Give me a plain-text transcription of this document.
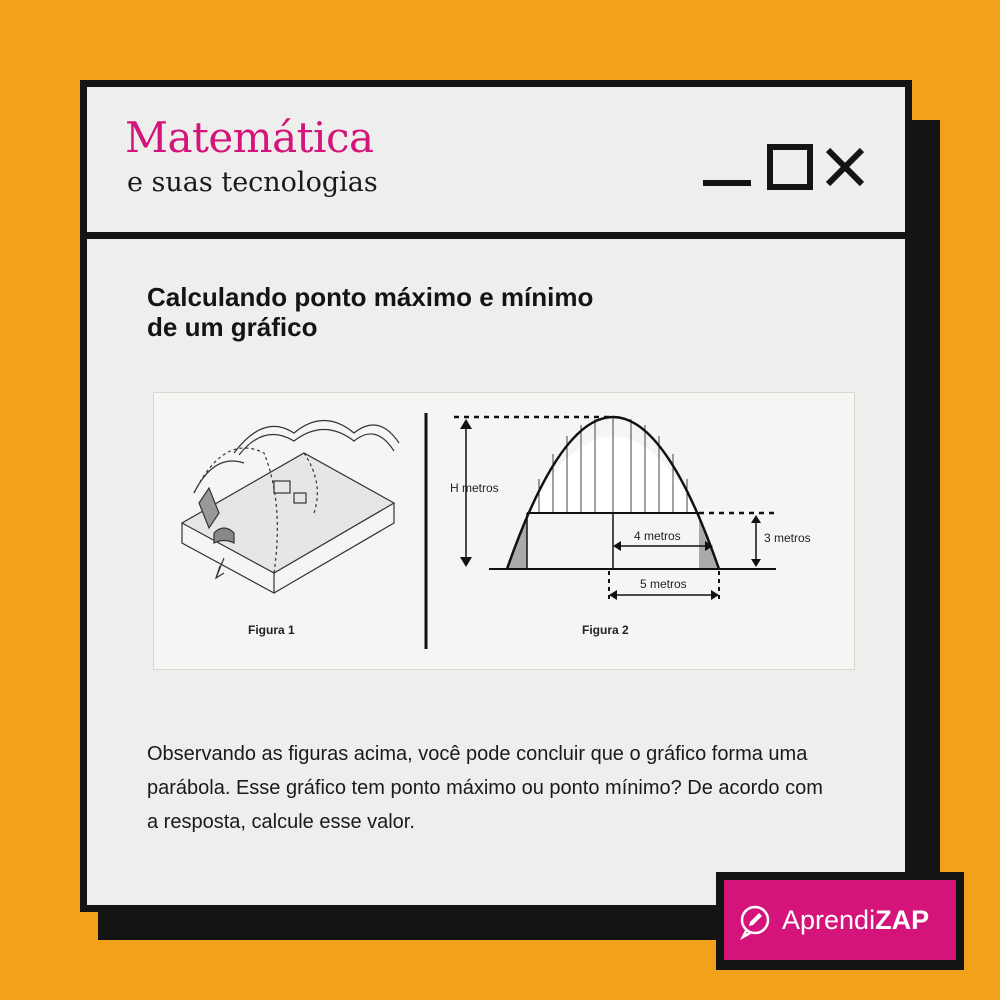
Matemática
e suas tecnologias
Calculando ponto máximo e mínimo
de um gráfico
Figura 1	Figura 2
H metros
4 metros	3 metros
5 metros
Observando as figuras acima, você pode concluir que o gráfico forma uma parábola. Esse gráfico tem ponto máximo ou ponto mínimo? De acordo com a resposta, calcule esse valor.
AprendiZAP
